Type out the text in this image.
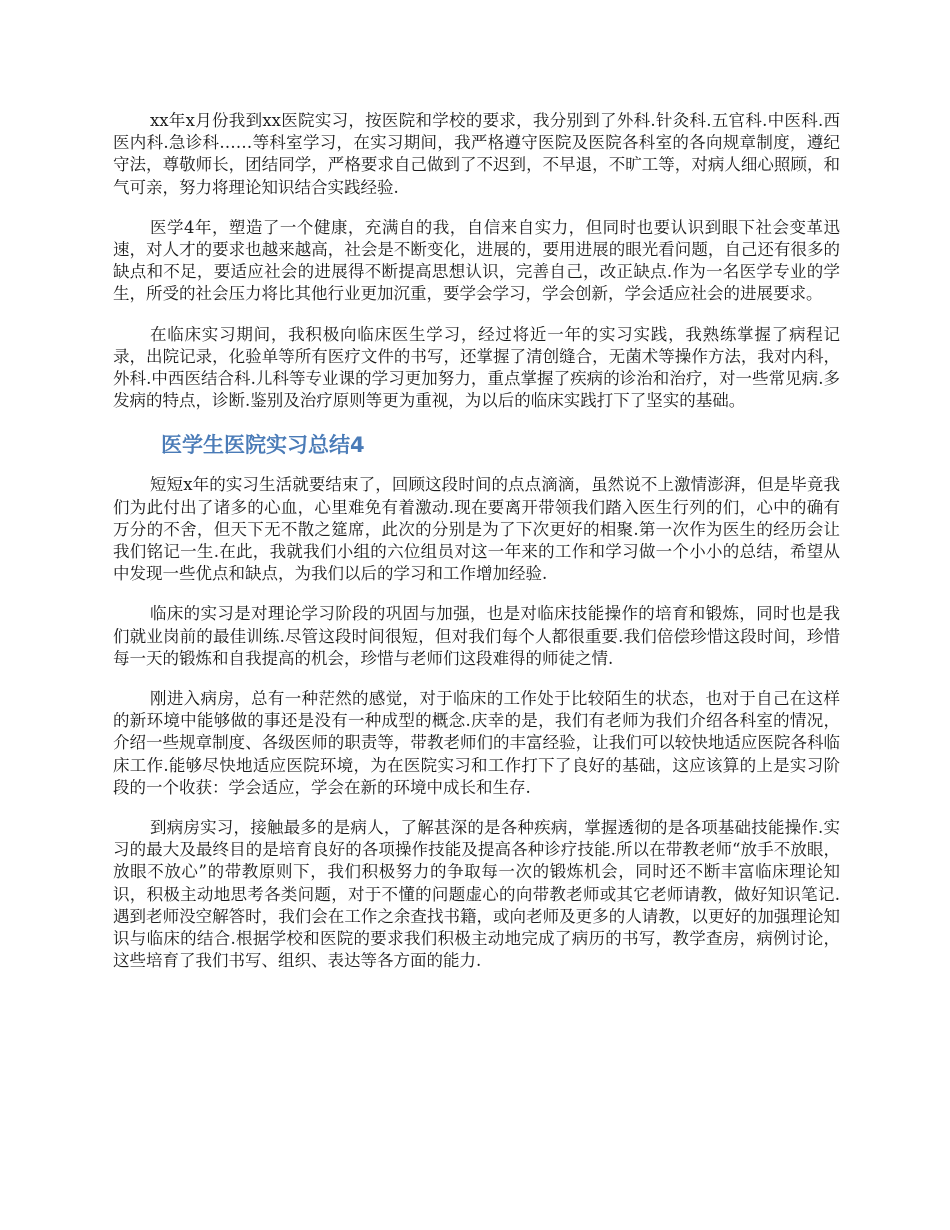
xx年x月份我到xx医院实习，按医院和学校的要求，我分别到了外科.针灸科.五官科.中医科.西医内科.急诊科……等科室学习，在实习期间，我严格遵守医院及医院各科室的各向规章制度，遵纪守法，尊敬师长，团结同学，严格要求自己做到了不迟到，不早退，不旷工等，对病人细心照顾，和气可亲，努力将理论知识结合实践经验.

医学4年，塑造了一个健康，充满自的我，自信来自实力，但同时也要认识到眼下社会变革迅速，对人才的要求也越来越高，社会是不断变化，进展的，要用进展的眼光看问题，自己还有很多的缺点和不足，要适应社会的进展得不断提高思想认识，完善自己，改正缺点.作为一名医学专业的学生，所受的社会压力将比其他行业更加沉重，要学会学习，学会创新，学会适应社会的进展要求。

在临床实习期间，我积极向临床医生学习，经过将近一年的实习实践，我熟练掌握了病程记录，出院记录，化验单等所有医疗文件的书写，还掌握了清创缝合，无菌术等操作方法，我对内科，外科.中西医结合科.儿科等专业课的学习更加努力，重点掌握了疾病的诊治和治疗，对一些常见病.多发病的特点，诊断.鉴别及治疗原则等更为重视，为以后的临床实践打下了坚实的基础。

医学生医院实习总结4

短短x年的实习生活就要结束了，回顾这段时间的点点滴滴，虽然说不上激情澎湃，但是毕竟我们为此付出了诸多的心血，心里难免有着激动.现在要离开带领我们踏入医生行列的们，心中的确有万分的不舍，但天下无不散之筵席，此次的分别是为了下次更好的相聚.第一次作为医生的经历会让我们铭记一生.在此，我就我们小组的六位组员对这一年来的工作和学习做一个小小的总结，希望从中发现一些优点和缺点，为我们以后的学习和工作增加经验.

临床的实习是对理论学习阶段的巩固与加强，也是对临床技能操作的培育和锻炼，同时也是我们就业岗前的最佳训练.尽管这段时间很短，但对我们每个人都很重要.我们倍偿珍惜这段时间，珍惜每一天的锻炼和自我提高的机会，珍惜与老师们这段难得的师徒之情.

刚进入病房，总有一种茫然的感觉，对于临床的工作处于比较陌生的状态，也对于自己在这样的新环境中能够做的事还是没有一种成型的概念.庆幸的是，我们有老师为我们介绍各科室的情况，介绍一些规章制度、各级医师的职责等，带教老师们的丰富经验，让我们可以较快地适应医院各科临床工作.能够尽快地适应医院环境，为在医院实习和工作打下了良好的基础，这应该算的上是实习阶段的一个收获：学会适应，学会在新的环境中成长和生存.

到病房实习，接触最多的是病人，了解甚深的是各种疾病，掌握透彻的是各项基础技能操作.实习的最大及最终目的是培育良好的各项操作技能及提高各种诊疗技能.所以在带教老师“放手不放眼，放眼不放心”的带教原则下，我们积极努力的争取每一次的锻炼机会，同时还不断丰富临床理论知识，积极主动地思考各类问题，对于不懂的问题虚心的向带教老师或其它老师请教，做好知识笔记.遇到老师没空解答时，我们会在工作之余查找书籍，或向老师及更多的人请教，以更好的加强理论知识与临床的结合.根据学校和医院的要求我们积极主动地完成了病历的书写，教学查房，病例讨论，这些培育了我们书写、组织、表达等各方面的能力.
